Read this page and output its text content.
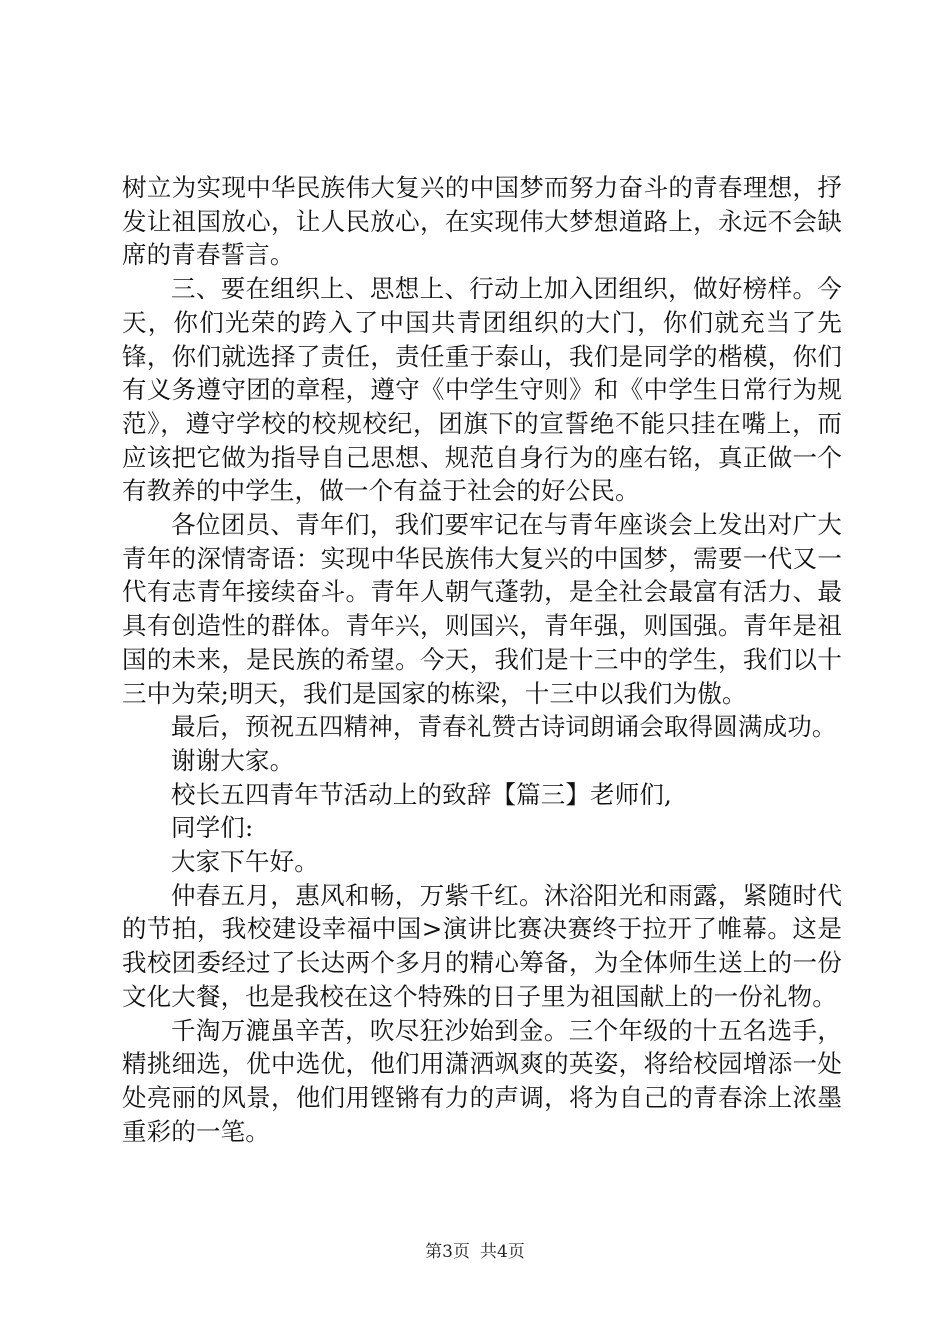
树立为实现中华民族伟大复兴的中国梦而努力奋斗的青春理想，抒发让祖国放心，让人民放心，在实现伟大梦想道路上，永远不会缺席的青春誓言。

三、要在组织上、思想上、行动上加入团组织，做好榜样。今天，你们光荣的跨入了中国共青团组织的大门，你们就充当了先锋，你们就选择了责任，责任重于泰山，我们是同学的楷模，你们有义务遵守团的章程，遵守《中学生守则》和《中学生日常行为规范》，遵守学校的校规校纪，团旗下的宣誓绝不能只挂在嘴上，而应该把它做为指导自己思想、规范自身行为的座右铭，真正做一个有教养的中学生，做一个有益于社会的好公民。

各位团员、青年们，我们要牢记在与青年座谈会上发出对广大青年的深情寄语：实现中华民族伟大复兴的中国梦，需要一代又一代有志青年接续奋斗。青年人朝气蓬勃，是全社会最富有活力、最具有创造性的群体。青年兴，则国兴，青年强，则国强。青年是祖国的未来，是民族的希望。今天，我们是十三中的学生，我们以十三中为荣;明天，我们是国家的栋梁，十三中以我们为傲。

最后，预祝五四精神，青春礼赞古诗词朗诵会取得圆满成功。

谢谢大家。

校长五四青年节活动上的致辞【篇三】老师们,

同学们:

大家下午好。

仲春五月，惠风和畅，万紫千红。沐浴阳光和雨露，紧随时代的节拍，我校建设幸福中国>演讲比赛决赛终于拉开了帷幕。这是我校团委经过了长达两个多月的精心筹备，为全体师生送上的一份文化大餐，也是我校在这个特殊的日子里为祖国献上的一份礼物。

千淘万漉虽辛苦，吹尽狂沙始到金。三个年级的十五名选手，精挑细选，优中选优，他们用潇洒飒爽的英姿，将给校园增添一处处亮丽的风景，他们用铿锵有力的声调，将为自己的青春涂上浓墨重彩的一笔。

第3页 共4页
